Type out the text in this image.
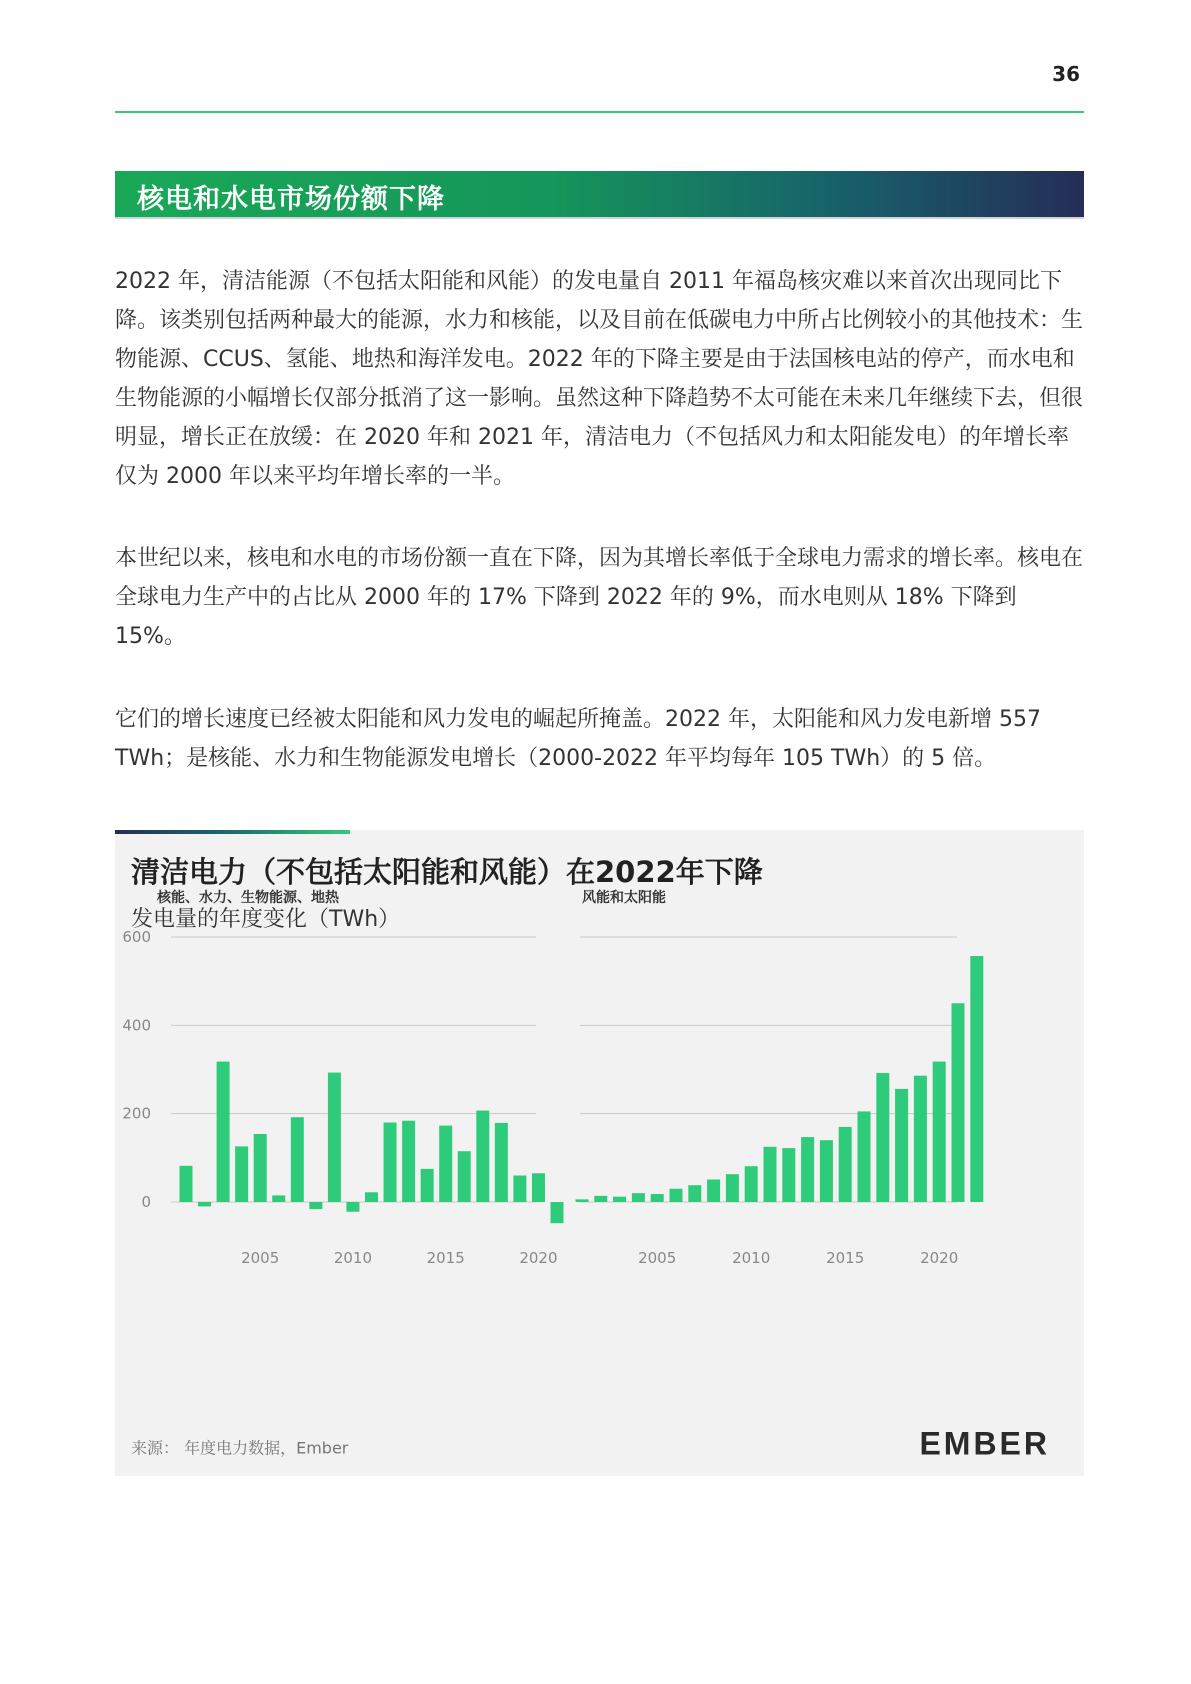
36
核电和水电市场份额下降

2022 年，清洁能源（不包括太阳能和风能）的发电量自 2011 年福岛核灾难以来首次出现同比下降。该类别包括两种最大的能源，水力和核能，以及目前在低碳电力中所占比例较小的其他技术：生物能源、CCUS、氢能、地热和海洋发电。2022 年的下降主要是由于法国核电站的停产，而水电和生物能源的小幅增长仅部分抵消了这一影响。虽然这种下降趋势不太可能在未来几年继续下去，但很明显，增长正在放缓：在 2020 年和 2021 年，清洁电力（不包括风力和太阳能发电）的年增长率仅为 2000 年以来平均年增长率的一半。

本世纪以来，核电和水电的市场份额一直在下降，因为其增长率低于全球电力需求的增长率。核电在全球电力生产中的占比从 2000 年的 17% 下降到 2022 年的 9%，而水电则从 18% 下降到 15%。

它们的增长速度已经被太阳能和风力发电的崛起所掩盖。2022 年，太阳能和风力发电新增 557 TWh；是核能、水力和生物能源发电增长（2000-2022 年平均每年 105 TWh）的 5 倍。

清洁电力（不包括太阳能和风能）在2022年下降
发电量的年度变化（TWh）
核能、水力、生物能源、地热
0
200
400
600
2005	2010	2015	2020
风能和太阳能
2005	2010	2015	2020
来源： 年度电力数据，Ember	EMBER
